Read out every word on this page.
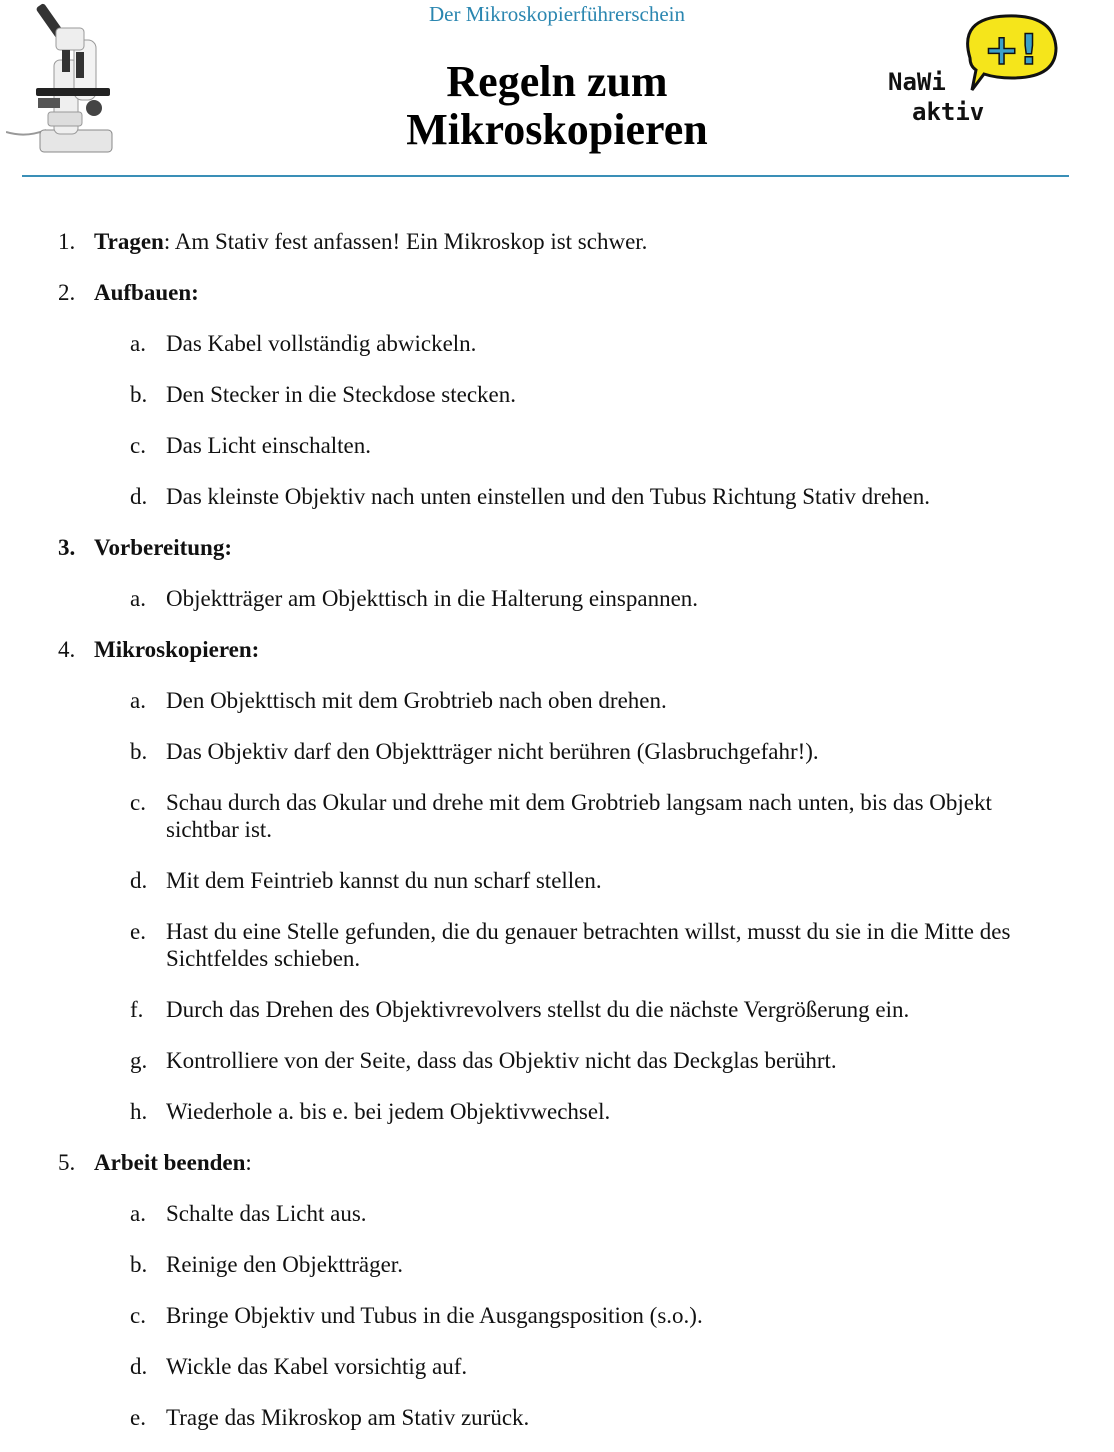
Der Mikroskopierführerschein
Regeln zum
Mikroskopieren
+!
NaWi
aktiv
1. Tragen: Am Stativ fest anfassen! Ein Mikroskop ist schwer.
2. Aufbauen:
a. Das Kabel vollständig abwickeln.
b. Den Stecker in die Steckdose stecken.
c. Das Licht einschalten.
d. Das kleinste Objektiv nach unten einstellen und den Tubus Richtung Stativ drehen.
3. Vorbereitung:
a. Objektträger am Objekttisch in die Halterung einspannen.
4. Mikroskopieren:
a. Den Objekttisch mit dem Grobtrieb nach oben drehen.
b. Das Objektiv darf den Objektträger nicht berühren (Glasbruchgefahr!).
c. Schau durch das Okular und drehe mit dem Grobtrieb langsam nach unten, bis das Objekt sichtbar ist.
d. Mit dem Feintrieb kannst du nun scharf stellen.
e. Hast du eine Stelle gefunden, die du genauer betrachten willst, musst du sie in die Mitte des Sichtfeldes schieben.
f. Durch das Drehen des Objektivrevolvers stellst du die nächste Vergrößerung ein.
g. Kontrolliere von der Seite, dass das Objektiv nicht das Deckglas berührt.
h. Wiederhole a. bis e. bei jedem Objektivwechsel.
5. Arbeit beenden:
a. Schalte das Licht aus.
b. Reinige den Objektträger.
c. Bringe Objektiv und Tubus in die Ausgangsposition (s.o.).
d. Wickle das Kabel vorsichtig auf.
e. Trage das Mikroskop am Stativ zurück.
